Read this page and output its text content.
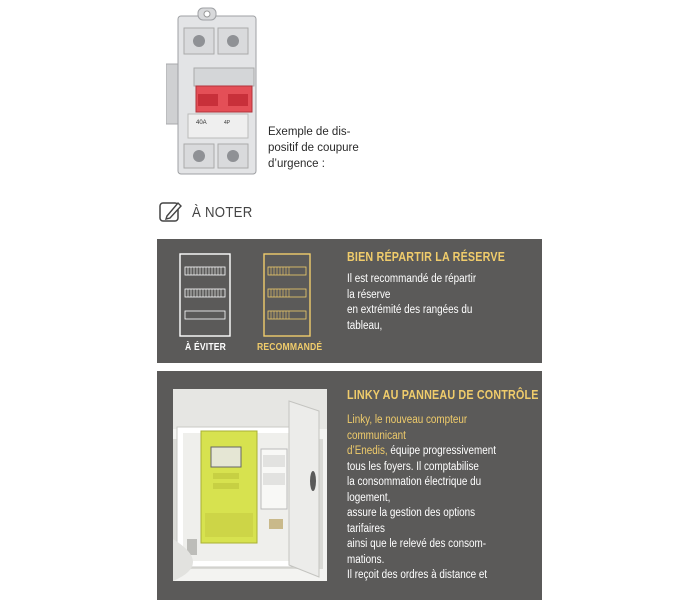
40A	4P
Exemple de dis-
positif de coupure
d’urgence :
À NOTER
À ÉVITER	RECOMMANDÉ
BIEN RÉPARTIR LA RÉSERVE
Il est recommandé de répartir
la réserve
en extrémité des rangées du
tableau,
LINKY AU PANNEAU DE CONTRÔLE
Linky, le nouveau compteur
communicant
d’Enedis, équipe progressivement
tous les foyers. Il comptabilise
la consommation électrique du
logement,
assure la gestion des options
tarifaires
ainsi que le relevé des consom-
mations.
Il reçoit des ordres à distance et
